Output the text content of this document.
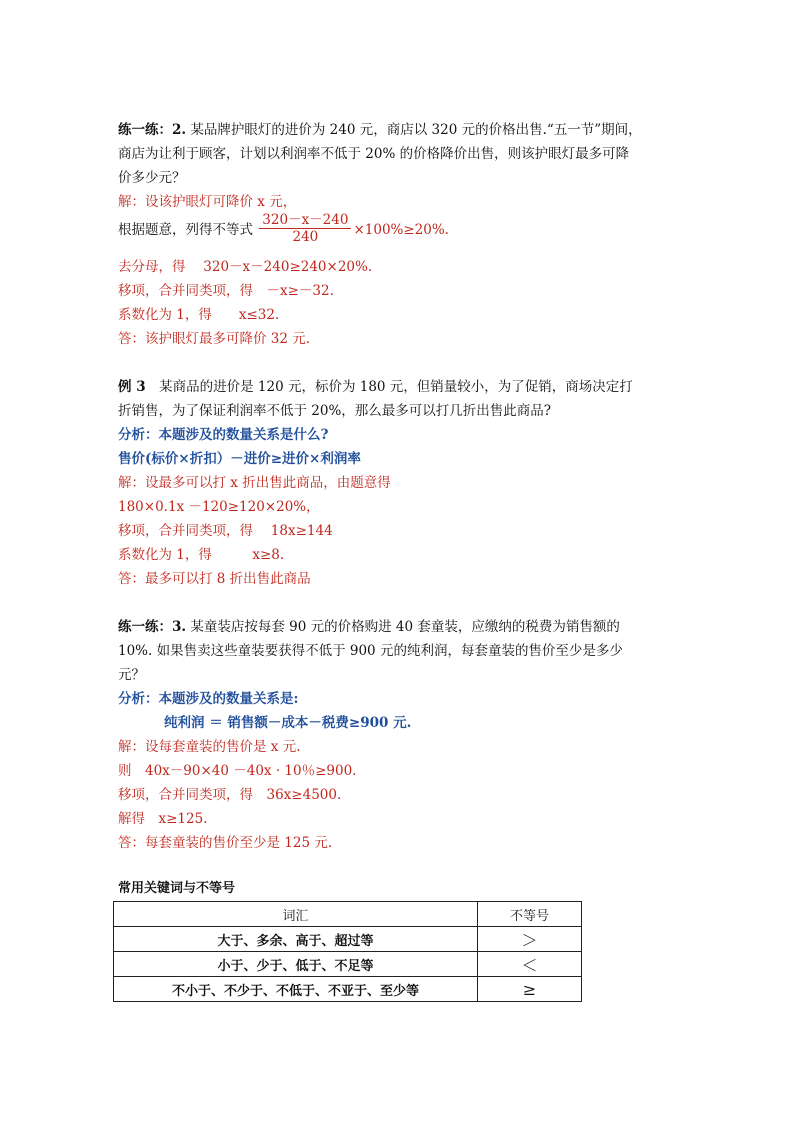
练一练：2. 某品牌护眼灯的进价为 240 元，商店以 320 元的价格出售.“五一节”期间，
商店为让利于顾客，计划以利润率不低于 20% 的价格降价出售，则该护眼灯最多可降
价多少元？
解：设该护眼灯可降价 x 元，
根据题意，列得不等式 $\frac{320-x-240}{240} \times 100\%\ge 20\%$.
去分母，得　 320－x－240≥240×20%.
移项，合并同类项，得　－x≥－32.
系数化为 1，得　　x≤32.
答：该护眼灯最多可降价 32 元.
例 3　某商品的进价是 120 元，标价为 180 元，但销量较小，为了促销，商场决定打
折销售，为了保证利润率不低于 20%，那么最多可以打几折出售此商品?
分析：本题涉及的数量关系是什么?
售价(标价×折扣）－进价≥进价×利润率
解：设最多可以打 x 折出售此商品，由题意得
180×0.1x －120≥120×20%，
移项，合并同类项，得　 18x≥144
系数化为 1，得　　　x≥8.
答：最多可以打 8 折出售此商品
练一练：3. 某童装店按每套 90 元的价格购进 40 套童装，应缴纳的税费为销售额的
10%. 如果售卖这些童装要获得不低于 900 元的纯利润，每套童装的售价至少是多少
元？
分析：本题涉及的数量关系是:
纯利润 ＝ 销售额－成本－税费≥900 元.
解：设每套童装的售价是 x 元.
则　40x－90×40 －40x · 10％≥900.
移项，合并同类项，得　36x≥4500.
解得　x≥125.
答：每套童装的售价至少是 125 元.
常用关键词与不等号
词汇	不等号
大于、多余、高于、超过等	＞
小于、少于、低于、不足等	＜
不小于、不少于、不低于、不亚于、至少等	≥
